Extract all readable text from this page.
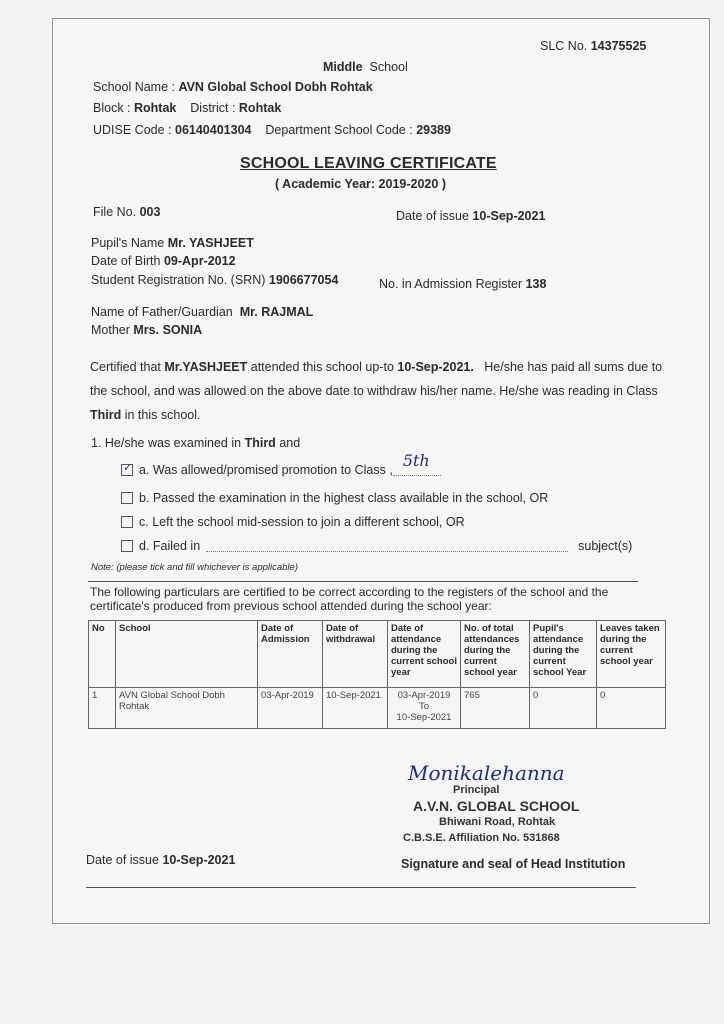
SLC No. 14375525
Middle School
School Name : AVN Global School Dobh Rohtak
Block : Rohtak District : Rohtak
UDISE Code : 06140401304 Department School Code : 29389
SCHOOL LEAVING CERTIFICATE
( Academic Year: 2019-2020 )
File No. 003	Date of issue 10-Sep-2021
Pupil's Name Mr. YASHJEET
Date of Birth 09-Apr-2012
Student Registration No. (SRN) 1906677054	No. in Admission Register 138
Name of Father/Guardian Mr. RAJMAL
Mother Mrs. SONIA
Certified that Mr.YASHJEET attended this school up-to 10-Sep-2021. He/she has paid all sums due to the school, and was allowed on the above date to withdraw his/her name. He/she was reading in Class Third in this school.
1. He/she was examined in Third and
✓ a. Was allowed/promised promotion to Class ,
5th
b. Passed the examination in the highest class available in the school, OR
c. Left the school mid-session to join a different school, OR
d. Failed in	subject(s)
Note: (please tick and fill whichever is applicable)
The following particulars are certified to be correct according to the registers of the school and the certificate's produced from previous school attended during the school year:
No	School	Date of Admission	Date of withdrawal	Date of attendance during the current school year	No. of total attendances during the current school year	Pupil's attendance during the current school Year	Leaves taken during the current school year
1	AVN Global School Dobh Rohtak	03-Apr-2019	10-Sep-2021	03-Apr-2019
To
10-Sep-2021	765	0	0
Monikalehanna
Principal
A.V.N. GLOBAL SCHOOL
Bhiwani Road, Rohtak
C.B.S.E. Affiliation No. 531868
Date of issue 10-Sep-2021	Signature and seal of Head Institution
